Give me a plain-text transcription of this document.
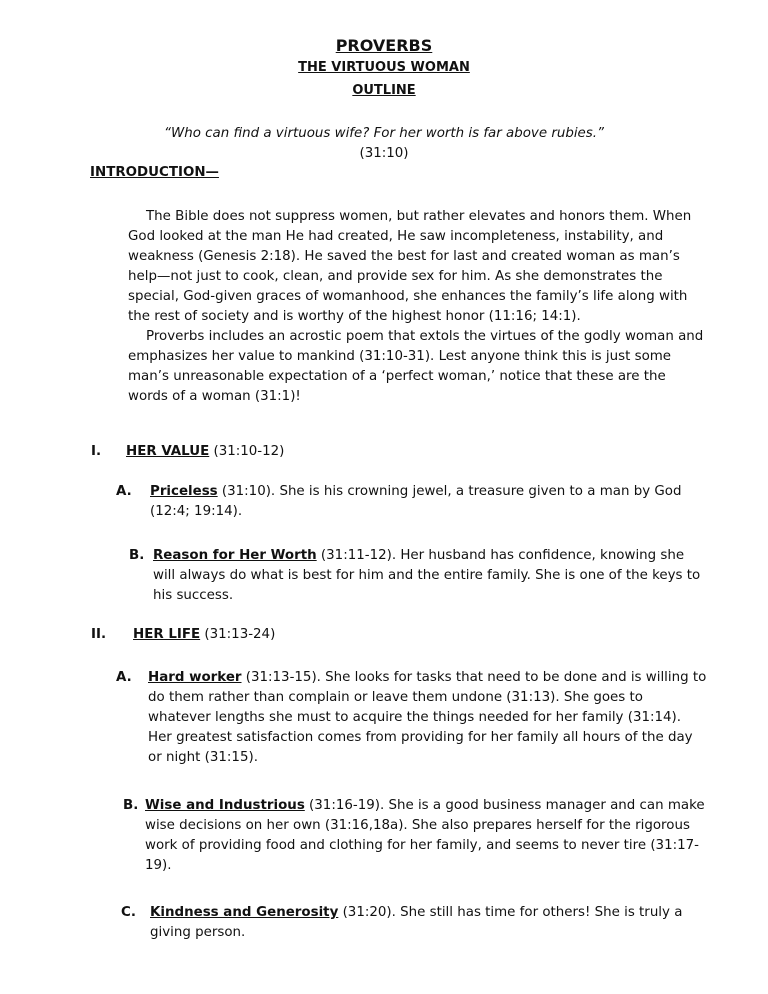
PROVERBS
THE VIRTUOUS WOMAN
OUTLINE
“Who can find a virtuous wife? For her worth is far above rubies.”
(31:10)
INTRODUCTION—

The Bible does not suppress women, but rather elevates and honors them. When God looked at the man He had created, He saw incompleteness, instability, and weakness (Genesis 2:18). He saved the best for last and created woman as man’s help—not just to cook, clean, and provide sex for him. As she demonstrates the special, God-given graces of womanhood, she enhances the family’s life along with the rest of society and is worthy of the highest honor (11:16; 14:1).

Proverbs includes an acrostic poem that extols the virtues of the godly woman and emphasizes her value to mankind (31:10-31). Lest anyone think this is just some man’s unreasonable expectation of a ‘perfect woman,’ notice that these are the words of a woman (31:1)!

I. HER VALUE (31:10-12)
A. Priceless (31:10). She is his crowning jewel, a treasure given to a man by God (12:4; 19:14).
B. Reason for Her Worth (31:11-12). Her husband has confidence, knowing she will always do what is best for him and the entire family. She is one of the keys to his success.
II. HER LIFE (31:13-24)
A. Hard worker (31:13-15). She looks for tasks that need to be done and is willing to do them rather than complain or leave them undone (31:13). She goes to whatever lengths she must to acquire the things needed for her family (31:14). Her greatest satisfaction comes from providing for her family all hours of the day or night (31:15).
B. Wise and Industrious (31:16-19). She is a good business manager and can make wise decisions on her own (31:16,18a). She also prepares herself for the rigorous work of providing food and clothing for her family, and seems to never tire (31:17-19).
C. Kindness and Generosity (31:20). She still has time for others! She is truly a giving person.
